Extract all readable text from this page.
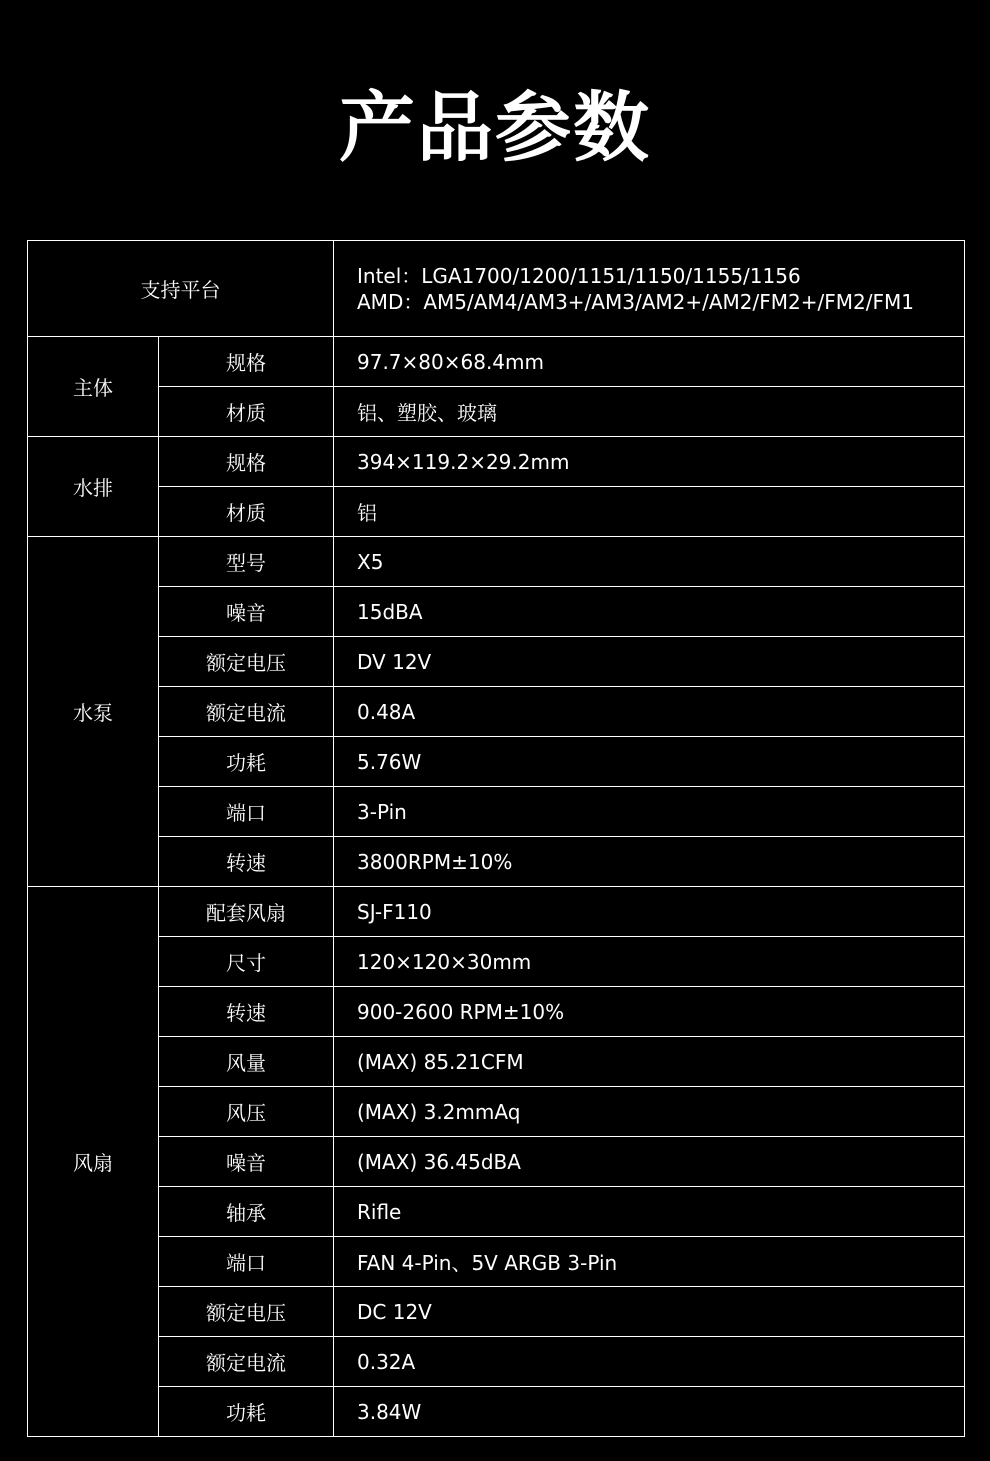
产品参数
支持平台		Intel：LGA1700/1200/1151/1150/1155/1156
AMD：AM5/AM4/AM3+/AM3/AM2+/AM2/FM2+/FM2/FM1

主体	规格	97.7×80×68.4mm
	材质	铝、塑胶、玻璃
水排	规格	394×119.2×29.2mm
	材质	铝
水泵	型号	X5
	噪音	15dBA
	额定电压	DV 12V
	额定电流	0.48A
	功耗	5.76W
	端口	3-Pin
	转速	3800RPM±10%
风扇	配套风扇	SJ-F110
	尺寸	120×120×30mm
	转速	900-2600 RPM±10%
	风量	(MAX) 85.21CFM
	风压	(MAX) 3.2mmAq
	噪音	(MAX) 36.45dBA
	轴承	Rifle
	端口	FAN 4-Pin、5V ARGB 3-Pin
	额定电压	DC 12V
	额定电流	0.32A
	功耗	3.84W
